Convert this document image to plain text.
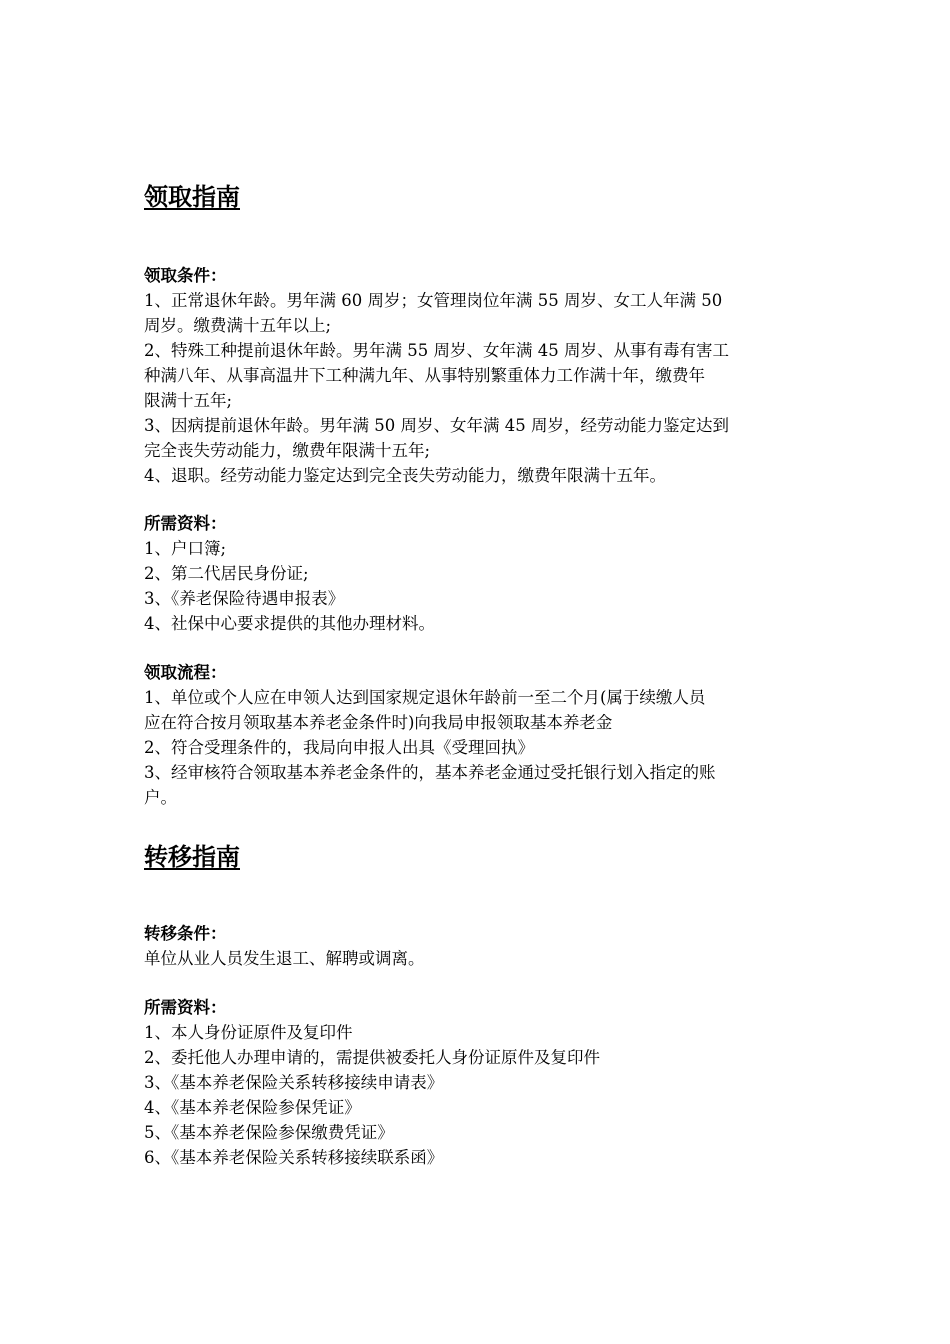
领取指南

领取条件：

1、正常退休年龄。男年满 60 周岁；女管理岗位年满 55 周岁、女工人年满 50

周岁。缴费满十五年以上;

2、特殊工种提前退休年龄。男年满 55 周岁、女年满 45 周岁、从事有毒有害工

种满八年、从事高温井下工种满九年、从事特别繁重体力工作满十年，缴费年

限满十五年;

3、因病提前退休年龄。男年满 50 周岁、女年满 45 周岁，经劳动能力鉴定达到

完全丧失劳动能力，缴费年限满十五年;

4、退职。经劳动能力鉴定达到完全丧失劳动能力，缴费年限满十五年。

所需资料：

1、户口簿;

2、第二代居民身份证;

3、《养老保险待遇申报表》

4、社保中心要求提供的其他办理材料。

领取流程：

1、单位或个人应在申领人达到国家规定退休年龄前一至二个月(属于续缴人员

应在符合按月领取基本养老金条件时)向我局申报领取基本养老金

2、符合受理条件的，我局向申报人出具《受理回执》

3、经审核符合领取基本养老金条件的，基本养老金通过受托银行划入指定的账

户。

转移指南

转移条件：

单位从业人员发生退工、解聘或调离。

所需资料：

1、本人身份证原件及复印件

2、委托他人办理申请的，需提供被委托人身份证原件及复印件

3、《基本养老保险关系转移接续申请表》

4、《基本养老保险参保凭证》

5、《基本养老保险参保缴费凭证》

6、《基本养老保险关系转移接续联系函》
